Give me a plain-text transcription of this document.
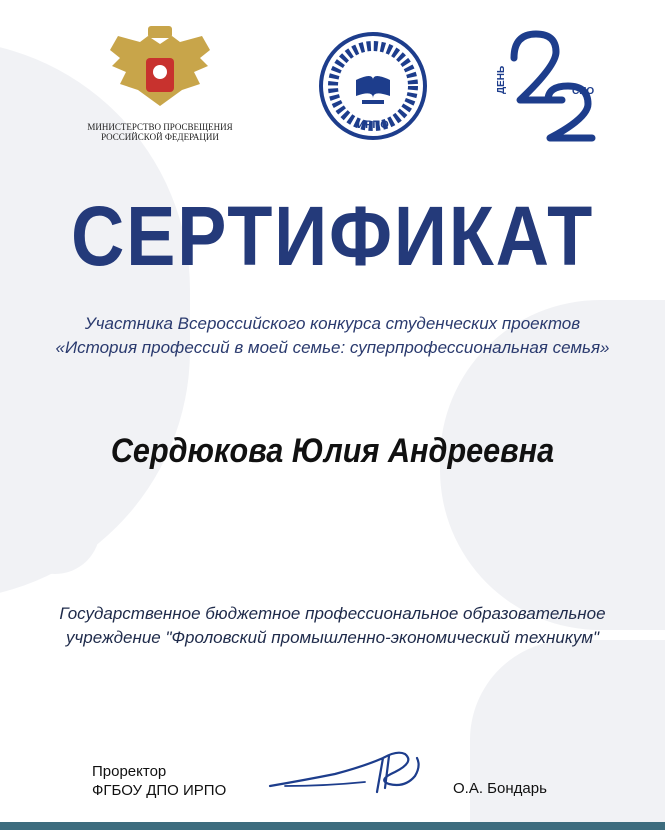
МИНИСТЕРСТВО ПРОСВЕЩЕНИЯ
РОССИЙСКОЙ ФЕДЕРАЦИИ
ИРПО
ДЕНЬ	СПО
СЕРТИФИКАТ
Участника Всероссийского конкурса студенческих проектов
«История профессий в моей семье: суперпрофессиональная семья»
Сердюкова Юлия Андреевна
Государственное бюджетное профессиональное образовательное
учреждение "Фроловский промышленно-экономический техникум"
Проректор
ФГБОУ ДПО ИРПО	О.А. Бондарь
